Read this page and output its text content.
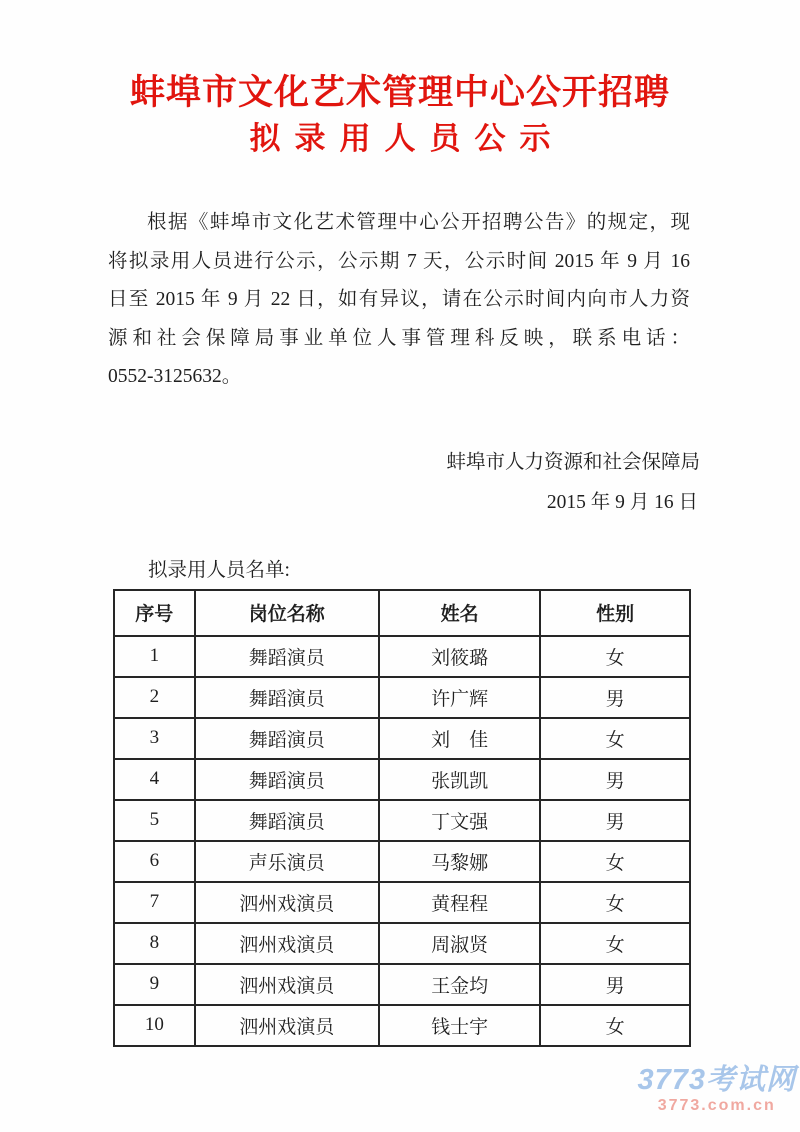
蚌埠市文化艺术管理中心公开招聘
拟录用人员公示
根据《蚌埠市文化艺术管理中心公开招聘公告》的规定，现
将拟录用人员进行公示，公示期 7 天，公示时间 2015 年 9 月 16
日至 2015 年 9 月 22 日，如有异议，请在公示时间内向市人力资
源和社会保障局事业单位人事管理科反映，联系电话：
0552-3125632。
蚌埠市人力资源和社会保障局
2015 年 9 月 16 日
拟录用人员名单:
序号	岗位名称	姓名	性别
1	舞蹈演员	刘筱璐	女
2	舞蹈演员	许广辉	男
3	舞蹈演员	刘　佳	女
4	舞蹈演员	张凯凯	男
5	舞蹈演员	丁文强	男
6	声乐演员	马黎娜	女
7	泗州戏演员	黄程程	女
8	泗州戏演员	周淑贤	女
9	泗州戏演员	王金均	男
10	泗州戏演员	钱士宇	女
3773考试网
3773.com.cn
